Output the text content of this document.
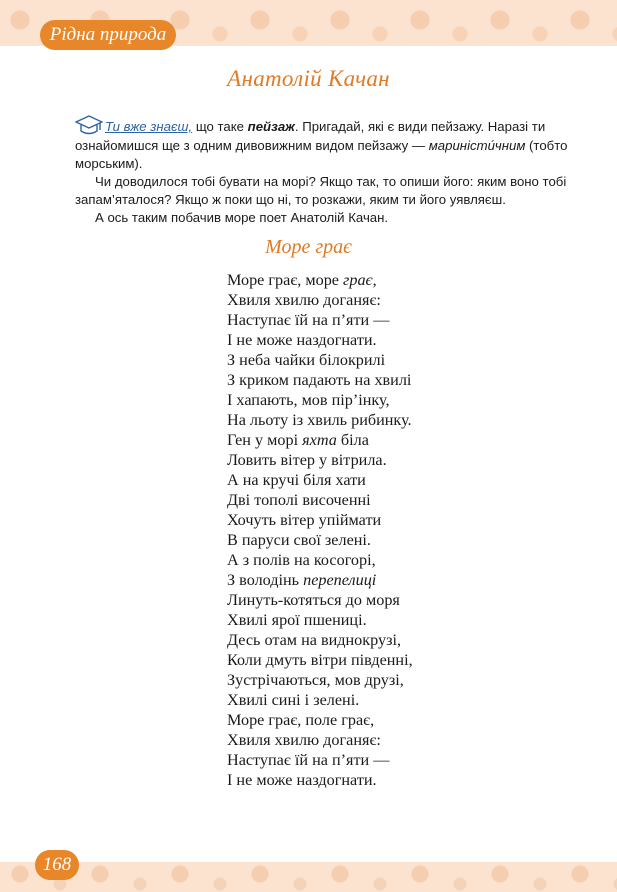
Рідна природа
Анатолій Качан

Ти вже знаєш, що таке пейзаж. Пригадай, які є види пейзажу. Наразі ти ознайомишся ще з одним дивовижним видом пейзажу — мариністи́чним (тобто морським).

Чи доводилося тобі бувати на морі? Якщо так, то опиши його: яким воно тобі запам’яталося? Якщо ж поки що ні, то розкажи, яким ти його уявляєш.

А ось таким побачив море поет Анатолій Качан.

Море грає
Море грає, море грає,
Хвиля хвилю доганяє:
Наступає їй на п’яти —
І не може наздогнати.
З неба чайки білокрилі
З криком падають на хвилі
І хапають, мов пір’інку,
На льоту із хвиль рибинку.
Ген у морі яхта біла
Ловить вітер у вітрила.
А на кручі біля хати
Дві тополі височенні
Хочуть вітер упіймати
В паруси свої зелені.
А з полів на косогорі,
З володінь перепелиці
Линуть-котяться до моря
Хвилі ярої пшениці.
Десь отам на виднокрузі,
Коли дмуть вітри південні,
Зустрічаються, мов друзі,
Хвилі сині і зелені.
Море грає, поле грає,
Хвиля хвилю доганяє:
Наступає їй на п’яти —
І не може наздогнати.
168
